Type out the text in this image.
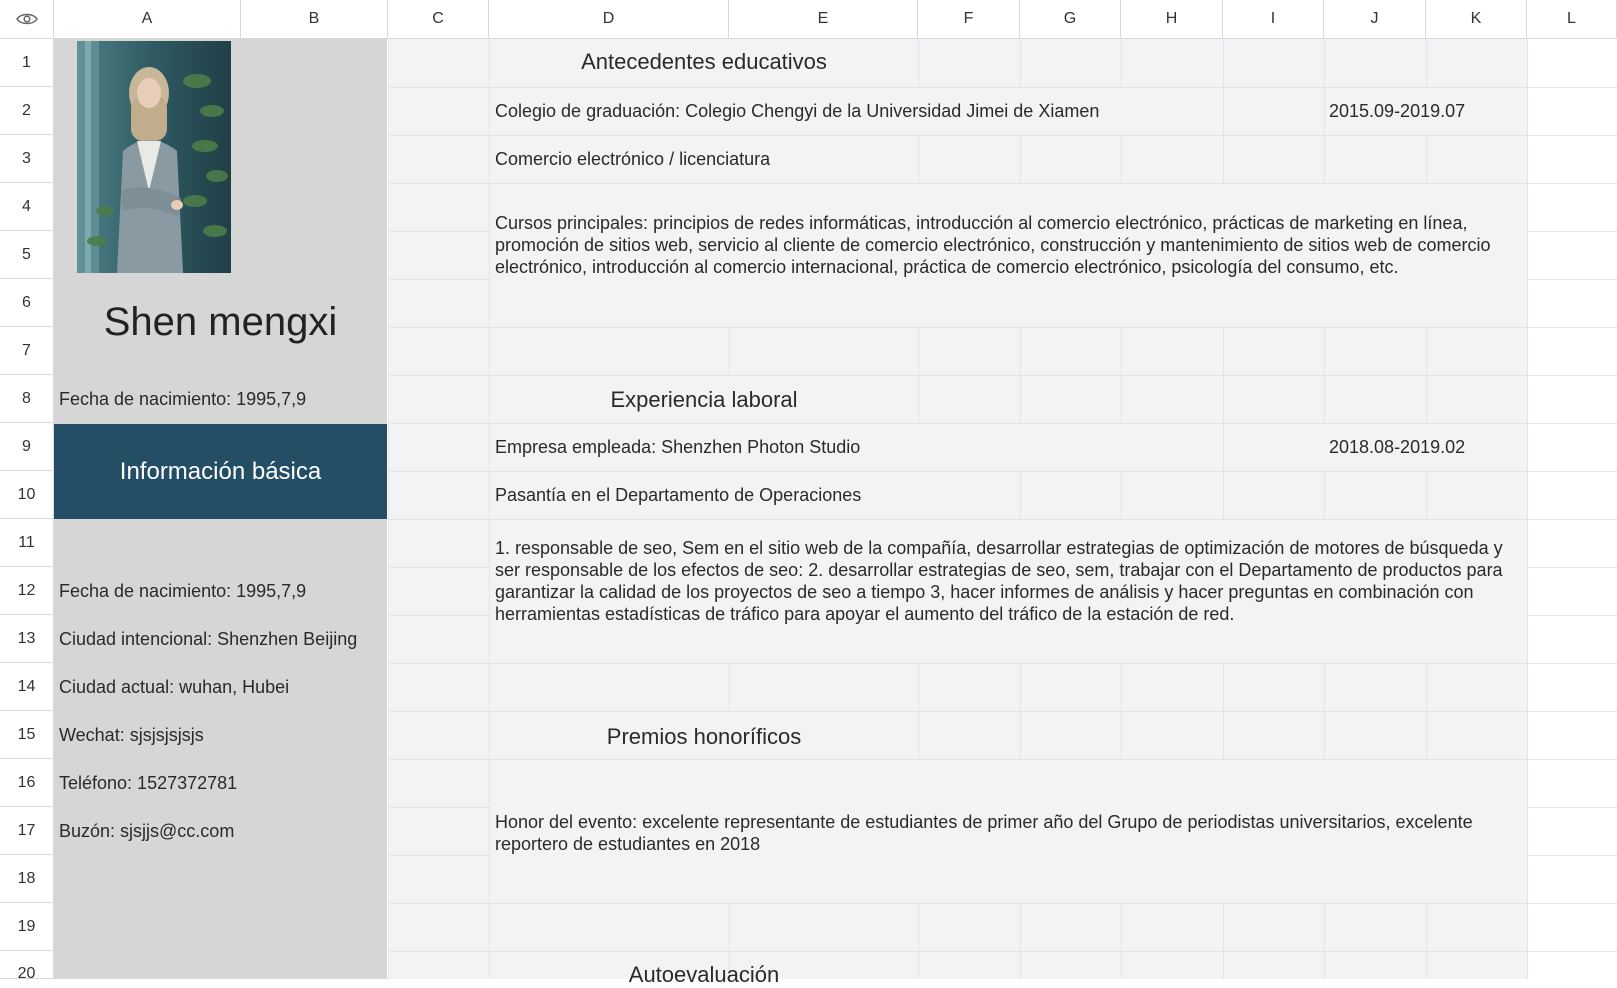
A	B	C	D	E	F	G	H	I	J	K	L
1
2
3
4
5
6
7
8
9
10
11
12
13
14
15
16
17
18
19
20
Shen mengxi
Fecha de nacimiento: 1995,7,9
Información básica
Fecha de nacimiento: 1995,7,9
Ciudad intencional: Shenzhen Beijing
Ciudad actual: wuhan, Hubei
Wechat: sjsjsjsjsjs
Teléfono: 1527372781
Buzón: sjsjjs@cc.com
Antecedentes educativos
Colegio de graduación: Colegio Chengyi de la Universidad Jimei de Xiamen	2015.09-2019.07
Comercio electrónico / licenciatura
Cursos principales: principios de redes informáticas, introducción al comercio electrónico, prácticas de marketing en línea, promoción de sitios web, servicio al cliente de comercio electrónico, construcción y mantenimiento de sitios web de comercio electrónico, introducción al comercio internacional, práctica de comercio electrónico, psicología del consumo, etc.
Experiencia laboral
Empresa empleada: Shenzhen Photon Studio	2018.08-2019.02
Pasantía en el Departamento de Operaciones
1. responsable de seo, Sem en el sitio web de la compañía, desarrollar estrategias de optimización de motores de búsqueda y ser responsable de los efectos de seo: 2. desarrollar estrategias de seo, sem, trabajar con el Departamento de productos para garantizar la calidad de los proyectos de seo a tiempo 3, hacer informes de análisis y hacer preguntas en combinación con herramientas estadísticas de tráfico para apoyar el aumento del tráfico de la estación de red.
Premios honoríficos
Honor del evento: excelente representante de estudiantes de primer año del Grupo de periodistas universitarios, excelente reportero de estudiantes en 2018
Autoevaluación
